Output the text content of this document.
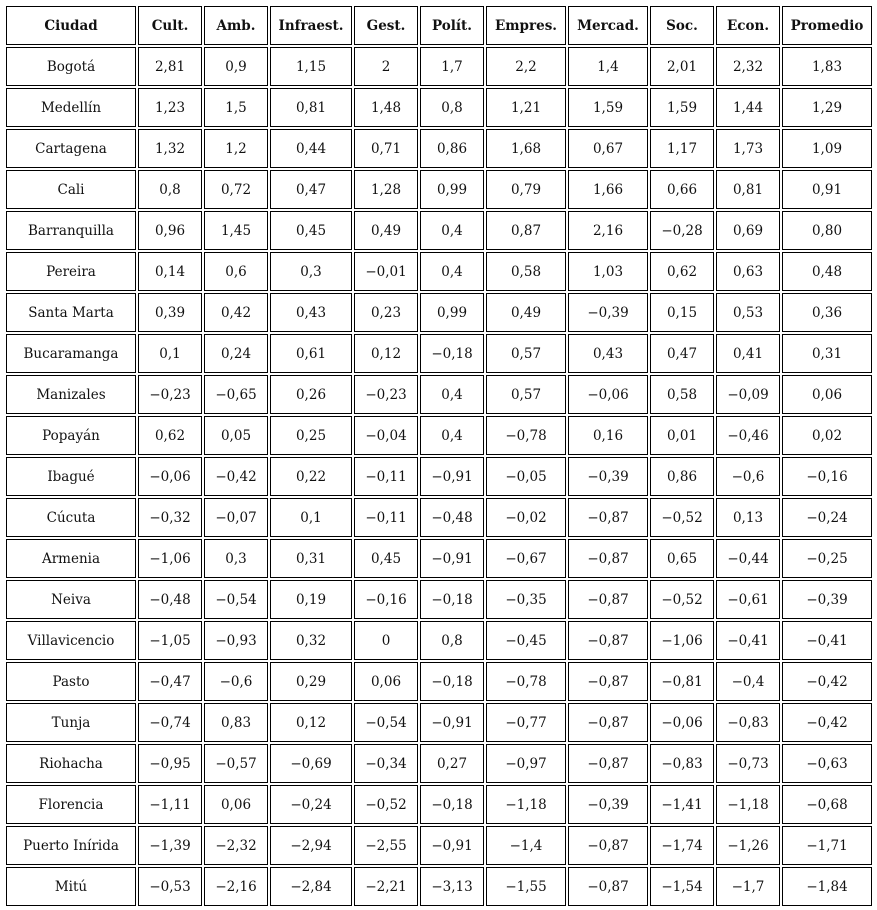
Ciudad	Cult.	Amb.	Infraest.	Gest.	Polít.	Empres.	Mercad.	Soc.	Econ.	Promedio
Bogotá	2,81	0,9	1,15	2	1,7	2,2	1,4	2,01	2,32	1,83
Medellín	1,23	1,5	0,81	1,48	0,8	1,21	1,59	1,59	1,44	1,29
Cartagena	1,32	1,2	0,44	0,71	0,86	1,68	0,67	1,17	1,73	1,09
Cali	0,8	0,72	0,47	1,28	0,99	0,79	1,66	0,66	0,81	0,91
Barranquilla	0,96	1,45	0,45	0,49	0,4	0,87	2,16	−0,28	0,69	0,80
Pereira	0,14	0,6	0,3	−0,01	0,4	0,58	1,03	0,62	0,63	0,48
Santa Marta	0,39	0,42	0,43	0,23	0,99	0,49	−0,39	0,15	0,53	0,36
Bucaramanga	0,1	0,24	0,61	0,12	−0,18	0,57	0,43	0,47	0,41	0,31
Manizales	−0,23	−0,65	0,26	−0,23	0,4	0,57	−0,06	0,58	−0,09	0,06
Popayán	0,62	0,05	0,25	−0,04	0,4	−0,78	0,16	0,01	−0,46	0,02
Ibagué	−0,06	−0,42	0,22	−0,11	−0,91	−0,05	−0,39	0,86	−0,6	−0,16
Cúcuta	−0,32	−0,07	0,1	−0,11	−0,48	−0,02	−0,87	−0,52	0,13	−0,24
Armenia	−1,06	0,3	0,31	0,45	−0,91	−0,67	−0,87	0,65	−0,44	−0,25
Neiva	−0,48	−0,54	0,19	−0,16	−0,18	−0,35	−0,87	−0,52	−0,61	−0,39
Villavicencio	−1,05	−0,93	0,32	0	0,8	−0,45	−0,87	−1,06	−0,41	−0,41
Pasto	−0,47	−0,6	0,29	0,06	−0,18	−0,78	−0,87	−0,81	−0,4	−0,42
Tunja	−0,74	0,83	0,12	−0,54	−0,91	−0,77	−0,87	−0,06	−0,83	−0,42
Riohacha	−0,95	−0,57	−0,69	−0,34	0,27	−0,97	−0,87	−0,83	−0,73	−0,63
Florencia	−1,11	0,06	−0,24	−0,52	−0,18	−1,18	−0,39	−1,41	−1,18	−0,68
Puerto Inírida	−1,39	−2,32	−2,94	−2,55	−0,91	−1,4	−0,87	−1,74	−1,26	−1,71
Mitú	−0,53	−2,16	−2,84	−2,21	−3,13	−1,55	−0,87	−1,54	−1,7	−1,84
